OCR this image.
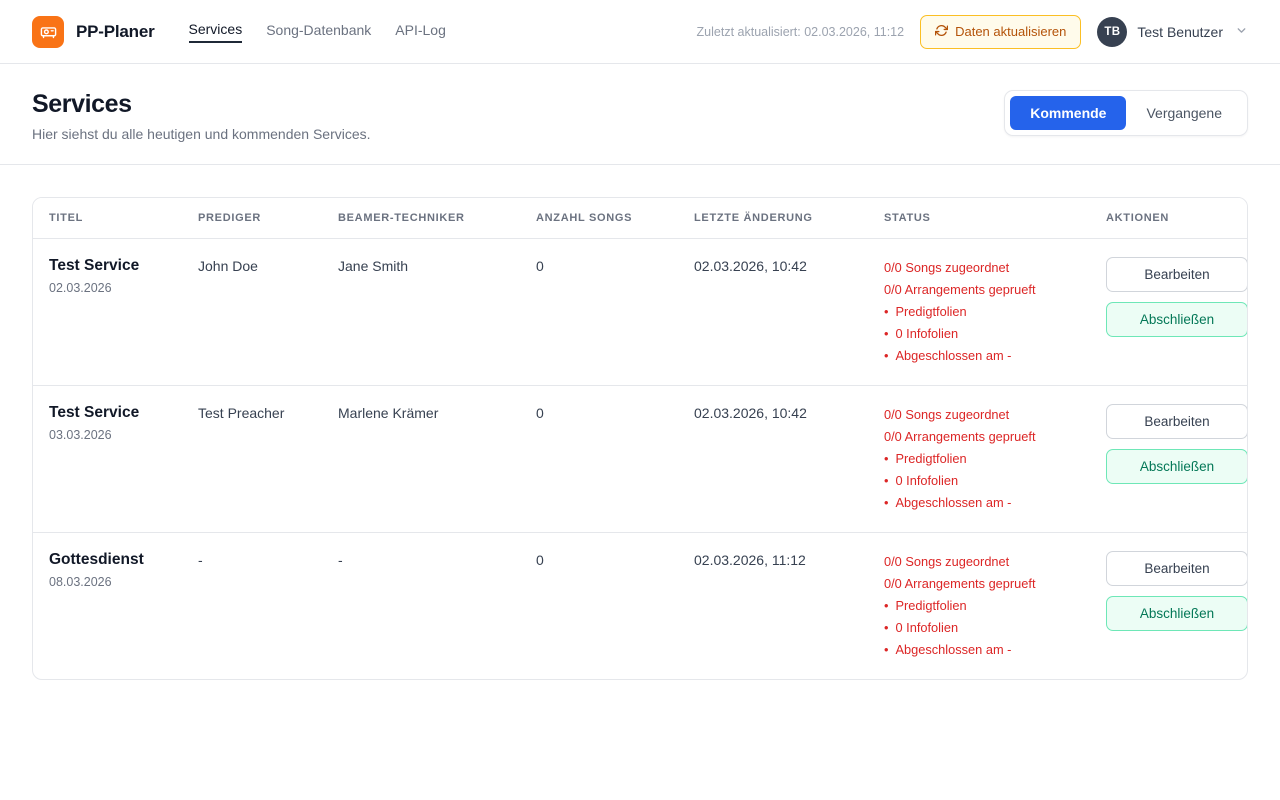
PP-Planer Services Song-Datenbank API-Log	Zuletzt aktualisiert: 02.03.2026, 11:12	Daten aktualisieren	TB	Test Benutzer
Services
Hier siehst du alle heutigen und kommenden Services.
Kommende	Vergangene
TITEL	PREDIGER	BEAMER-TECHNIKER	ANZAHL SONGS	LETZTE ÄNDERUNG	STATUS	AKTIONEN

Test Service
02.03.2026
	John Doe	Jane Smith	0	02.03.2026, 10:42	0/0 Songs zugeordnet
0/0 Arrangements geprueft
• Predigtfolien
• 0 Infofolien
• Abgeschlossen am -

Bearbeiten
Abschließen

Test Service
03.03.2026
	Test Preacher	Marlene Krämer	0	02.03.2026, 10:42	0/0 Songs zugeordnet
0/0 Arrangements geprueft
• Predigtfolien
• 0 Infofolien
• Abgeschlossen am -

Bearbeiten
Abschließen

Gottesdienst
08.03.2026
	-	-	0	02.03.2026, 11:12	0/0 Songs zugeordnet
0/0 Arrangements geprueft
• Predigtfolien
• 0 Infofolien
• Abgeschlossen am -

Bearbeiten
Abschließen
